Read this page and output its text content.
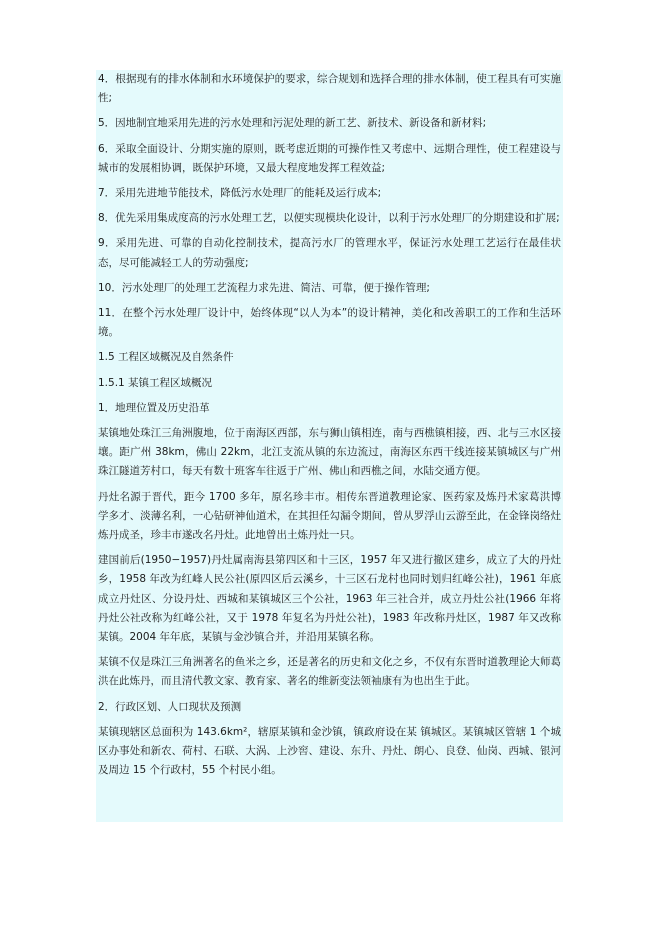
4．根据现有的排水体制和水环境保护的要求，综合规划和选择合理的排水体制，使工程具有可实施性;

5．因地制宜地采用先进的污水处理和污泥处理的新工艺、新技术、新设备和新材料;

6．采取全面设计、分期实施的原则，既考虑近期的可操作性又考虑中、远期合理性，使工程建设与城市的发展相协调，既保护环境，又最大程度地发挥工程效益;

7．采用先进地节能技术，降低污水处理厂的能耗及运行成本;

8．优先采用集成度高的污水处理工艺，以便实现模块化设计，以利于污水处理厂的分期建设和扩展;

9．采用先进、可靠的自动化控制技术，提高污水厂的管理水平，保证污水处理工艺运行在最佳状态，尽可能减轻工人的劳动强度;

10．污水处理厂的处理工艺流程力求先进、简洁、可靠，便于操作管理;

11．在整个污水处理厂设计中，始终体现“以人为本”的设计精神，美化和改善职工的工作和生活环境。

1.5 工程区域概况及自然条件

1.5.1 某镇工程区域概况

1．地理位置及历史沿革

某镇地处珠江三角洲腹地，位于南海区西部，东与狮山镇相连，南与西樵镇相接，西、北与三水区接壤。距广州 38km，佛山 22km，北江支流从镇的东边流过，南海区东西干线连接某镇城区与广州珠江隧道芳村口，每天有数十班客车往返于广州、佛山和西樵之间，水陆交通方便。

丹灶名源于晋代，距今 1700 多年，原名珍丰市。相传东晋道教理论家、医药家及炼丹术家葛洪博学多才、淡薄名利，一心钻研神仙道术，在其担任勾漏令期间，曾从罗浮山云游至此，在金锋岗络灶炼丹成圣，珍丰市遂改名丹灶。此地曾出土炼丹灶一只。

建国前后(1950−1957)丹灶属南海县第四区和十三区，1957 年又进行撤区建乡，成立了大的丹灶乡，1958 年改为红峰人民公社(原四区后云溪乡，十三区石龙村也同时划归红峰公社)，1961 年底成立丹灶区、分设丹灶、西城和某镇城区三个公社，1963 年三社合并，成立丹灶公社(1966 年将丹灶公社改称为红峰公社，又于 1978 年复名为丹灶公社)，1983 年改称丹灶区，1987 年又改称某镇。2004 年年底，某镇与金沙镇合并，并沿用某镇名称。

某镇不仅是珠江三角洲著名的鱼米之乡，还是著名的历史和文化之乡，不仅有东晋时道教理论大师葛洪在此炼丹，而且清代教文家、教育家、著名的维新变法领袖康有为也出生于此。

2．行政区划、人口现状及预测

某镇现辖区总面积为 143.6km²，辖原某镇和金沙镇，镇政府设在某 镇城区。某镇城区管辖 1 个城区办事处和新农、荷村、石联、大涡、上沙窖、建设、东升、丹灶、朗心、良登、仙岗、西城、银河及周边 15 个行政村，55 个村民小组。
